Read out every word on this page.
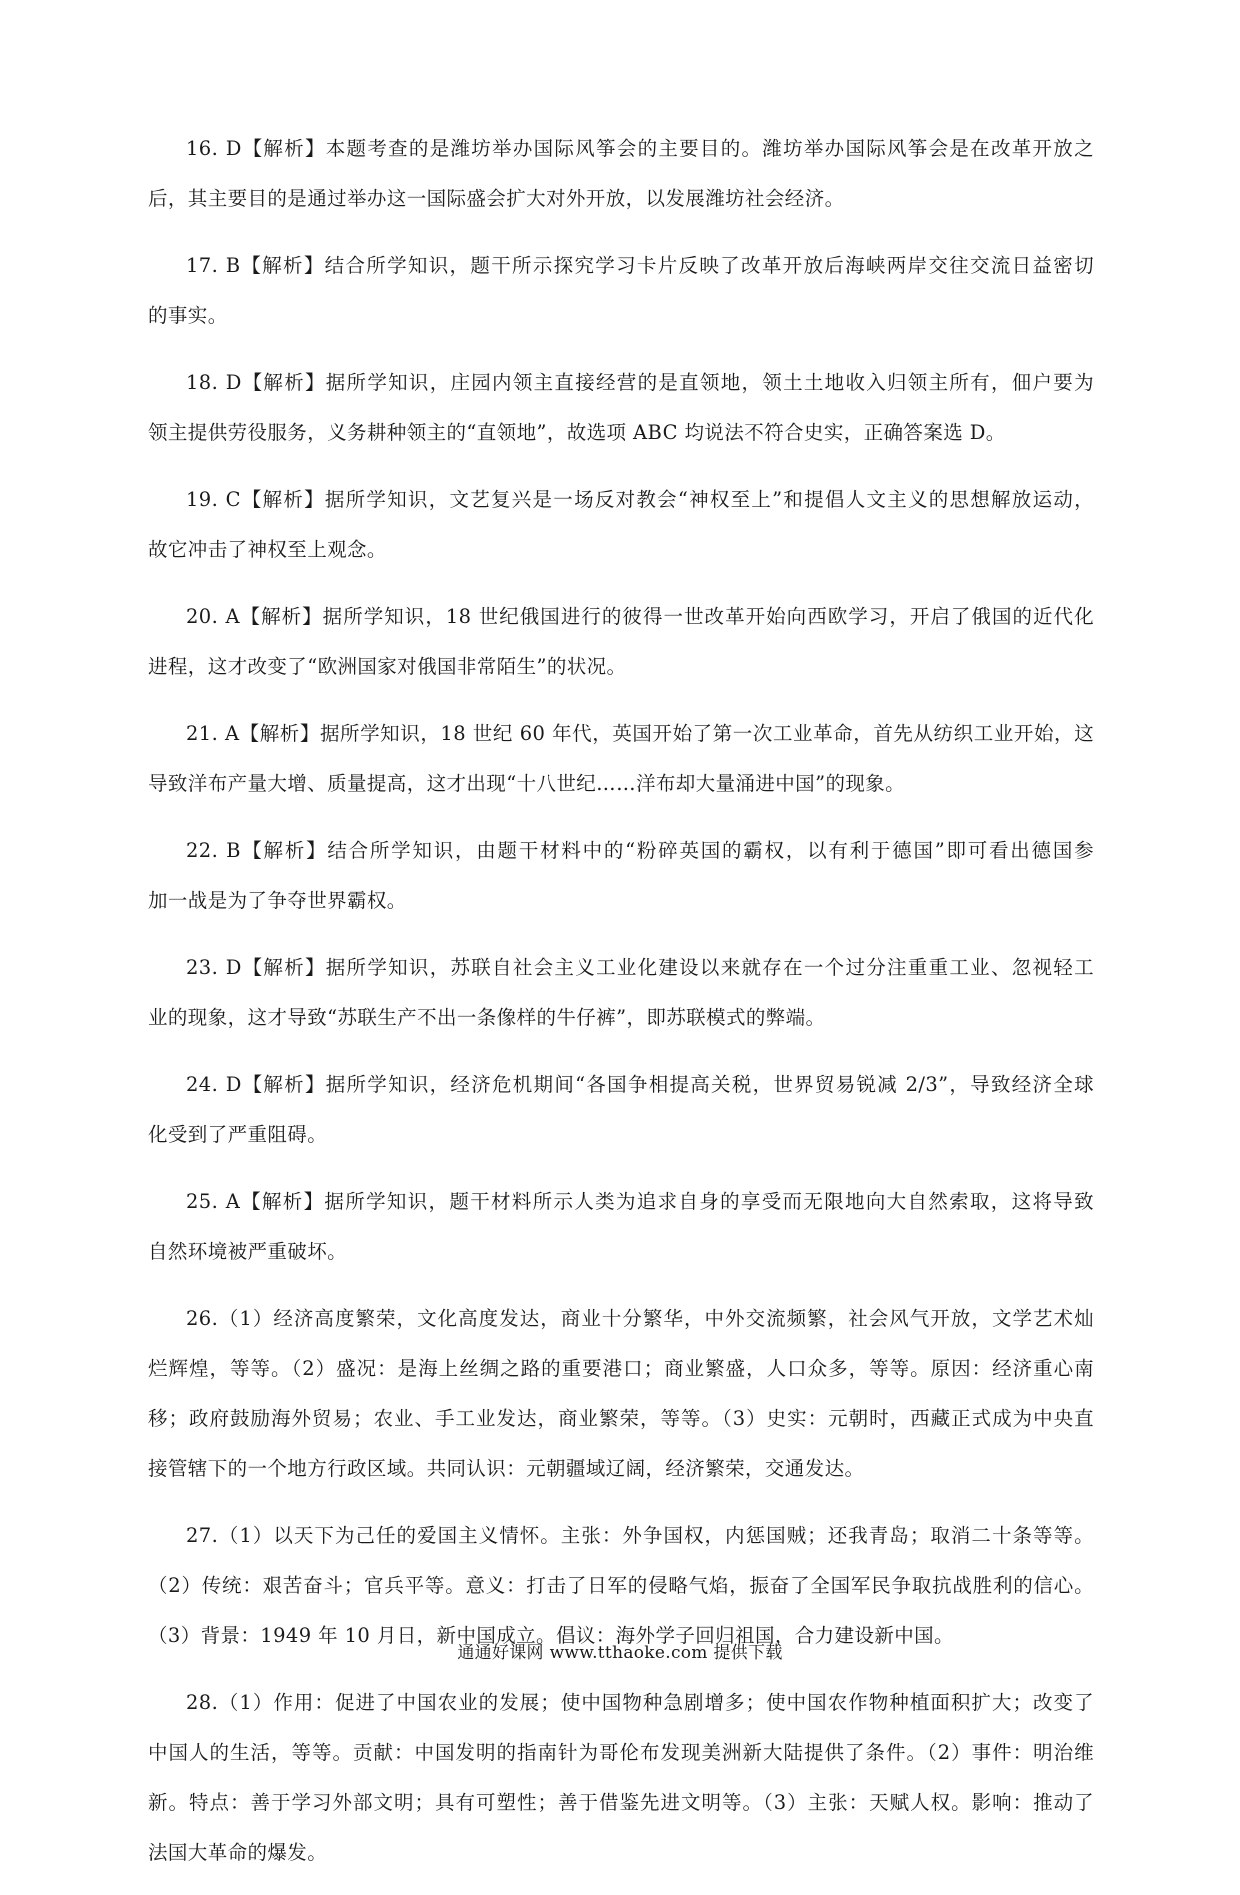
16. D【解析】本题考查的是潍坊举办国际风筝会的主要目的。潍坊举办国际风筝会是在改革开放之
后，其主要目的是通过举办这一国际盛会扩大对外开放，以发展潍坊社会经济。
17. B【解析】结合所学知识，题干所示探究学习卡片反映了改革开放后海峡两岸交往交流日益密切
的事实。
18. D【解析】据所学知识，庄园内领主直接经营的是直领地，领土土地收入归领主所有，佃户要为
领主提供劳役服务，义务耕种领主的“直领地”，故选项 ABC 均说法不符合史实，正确答案选 D。
19. C【解析】据所学知识，文艺复兴是一场反对教会“神权至上”和提倡人文主义的思想解放运动，
故它冲击了神权至上观念。
20. A【解析】据所学知识，18 世纪俄国进行的彼得一世改革开始向西欧学习，开启了俄国的近代化
进程，这才改变了“欧洲国家对俄国非常陌生”的状况。
21. A【解析】据所学知识，18 世纪 60 年代，英国开始了第一次工业革命，首先从纺织工业开始，这
导致洋布产量大增、质量提高，这才出现“十八世纪……洋布却大量涌进中国”的现象。
22. B【解析】结合所学知识，由题干材料中的“粉碎英国的霸权，以有利于德国”即可看出德国参
加一战是为了争夺世界霸权。
23. D【解析】据所学知识，苏联自社会主义工业化建设以来就存在一个过分注重重工业、忽视轻工
业的现象，这才导致“苏联生产不出一条像样的牛仔裤”，即苏联模式的弊端。
24. D【解析】据所学知识，经济危机期间“各国争相提高关税，世界贸易锐减 2/3”，导致经济全球
化受到了严重阻碍。
25. A【解析】据所学知识，题干材料所示人类为追求自身的享受而无限地向大自然索取，这将导致
自然环境被严重破坏。
26.（1）经济高度繁荣，文化高度发达，商业十分繁华，中外交流频繁，社会风气开放，文学艺术灿
烂辉煌，等等。（2）盛况：是海上丝绸之路的重要港口；商业繁盛，人口众多，等等。原因：经济重心南
移；政府鼓励海外贸易；农业、手工业发达，商业繁荣，等等。（3）史实：元朝时，西藏正式成为中央直
接管辖下的一个地方行政区域。共同认识：元朝疆域辽阔，经济繁荣，交通发达。
27.（1）以天下为己任的爱国主义情怀。主张：外争国权，内惩国贼；还我青岛；取消二十条等等。
（2）传统：艰苦奋斗；官兵平等。意义：打击了日军的侵略气焰，振奋了全国军民争取抗战胜利的信心。
（3）背景：1949 年 10 月日，新中国成立。倡议：海外学子回归祖国，合力建设新中国。
28.（1）作用：促进了中国农业的发展；使中国物种急剧增多；使中国农作物种植面积扩大；改变了
中国人的生活，等等。贡献：中国发明的指南针为哥伦布发现美洲新大陆提供了条件。（2）事件：明治维
新。特点：善于学习外部文明；具有可塑性；善于借鉴先进文明等。（3）主张：天赋人权。影响：推动了
法国大革命的爆发。
通通好课网 www.tthaoke.com 提供下载
